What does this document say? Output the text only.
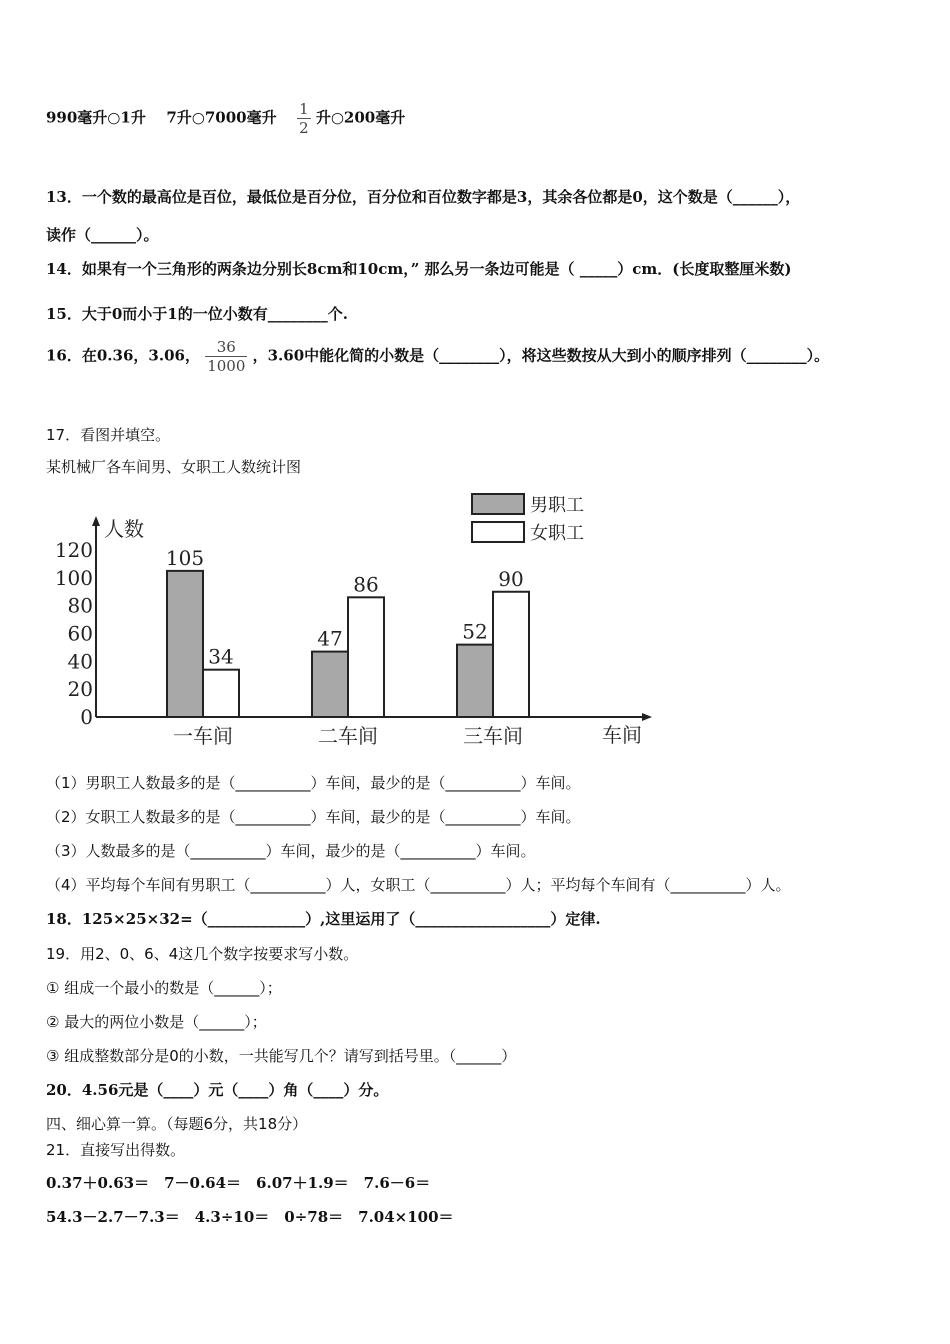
990毫升○1升 7升○7000毫升 $\frac{1}{2}$ 升○200毫升
13．一个数的最高位是百位，最低位是百分位，百分位和百位数字都是3，其余各位都是0，这个数是（______），
读作（______）。
14．如果有一个三角形的两条边分别长8cm和10cm，” 那么另一条边可能是（ _____）cm．(长度取整厘米数)
15．大于0而小于1的一位小数有________个.
16．在0.36，3.06， $\frac{36}{1000}$ ，3.60中能化简的小数是（________），将这些数按从大到小的顺序排列（________）。
17．看图并填空。
某机械厂各车间男、女职工人数统计图
人数
车间
0
20
40
60
80
100
120	105
34
一车间
47
86
二车间
52
90
三车间
男职工
女职工
（1）男职工人数最多的是（__________）车间，最少的是（__________）车间。
（2）女职工人数最多的是（__________）车间，最少的是（__________）车间。
（3）人数最多的是（__________）车间，最少的是（__________）车间。
（4）平均每个车间有男职工（__________）人，女职工（__________）人；平均每个车间有（__________）人。
18．125×25×32=（_____________）,这里运用了（__________________）定律.
19．用2、0、6、4这几个数字按要求写小数。
① 组成一个最小的数是（______）；
② 最大的两位小数是（______）；
③ 组成整数部分是0的小数，一共能写几个？请写到括号里。（______）
20．4.56元是（____）元（____）角（____）分。
四、细心算一算。（每题6分，共18分）
21．直接写出得数。
0.37＋0.63＝　7－0.64＝　6.07＋1.9＝　7.6－6＝
54.3－2.7－7.3＝　4.3÷10＝　0÷78＝　7.04×100＝
